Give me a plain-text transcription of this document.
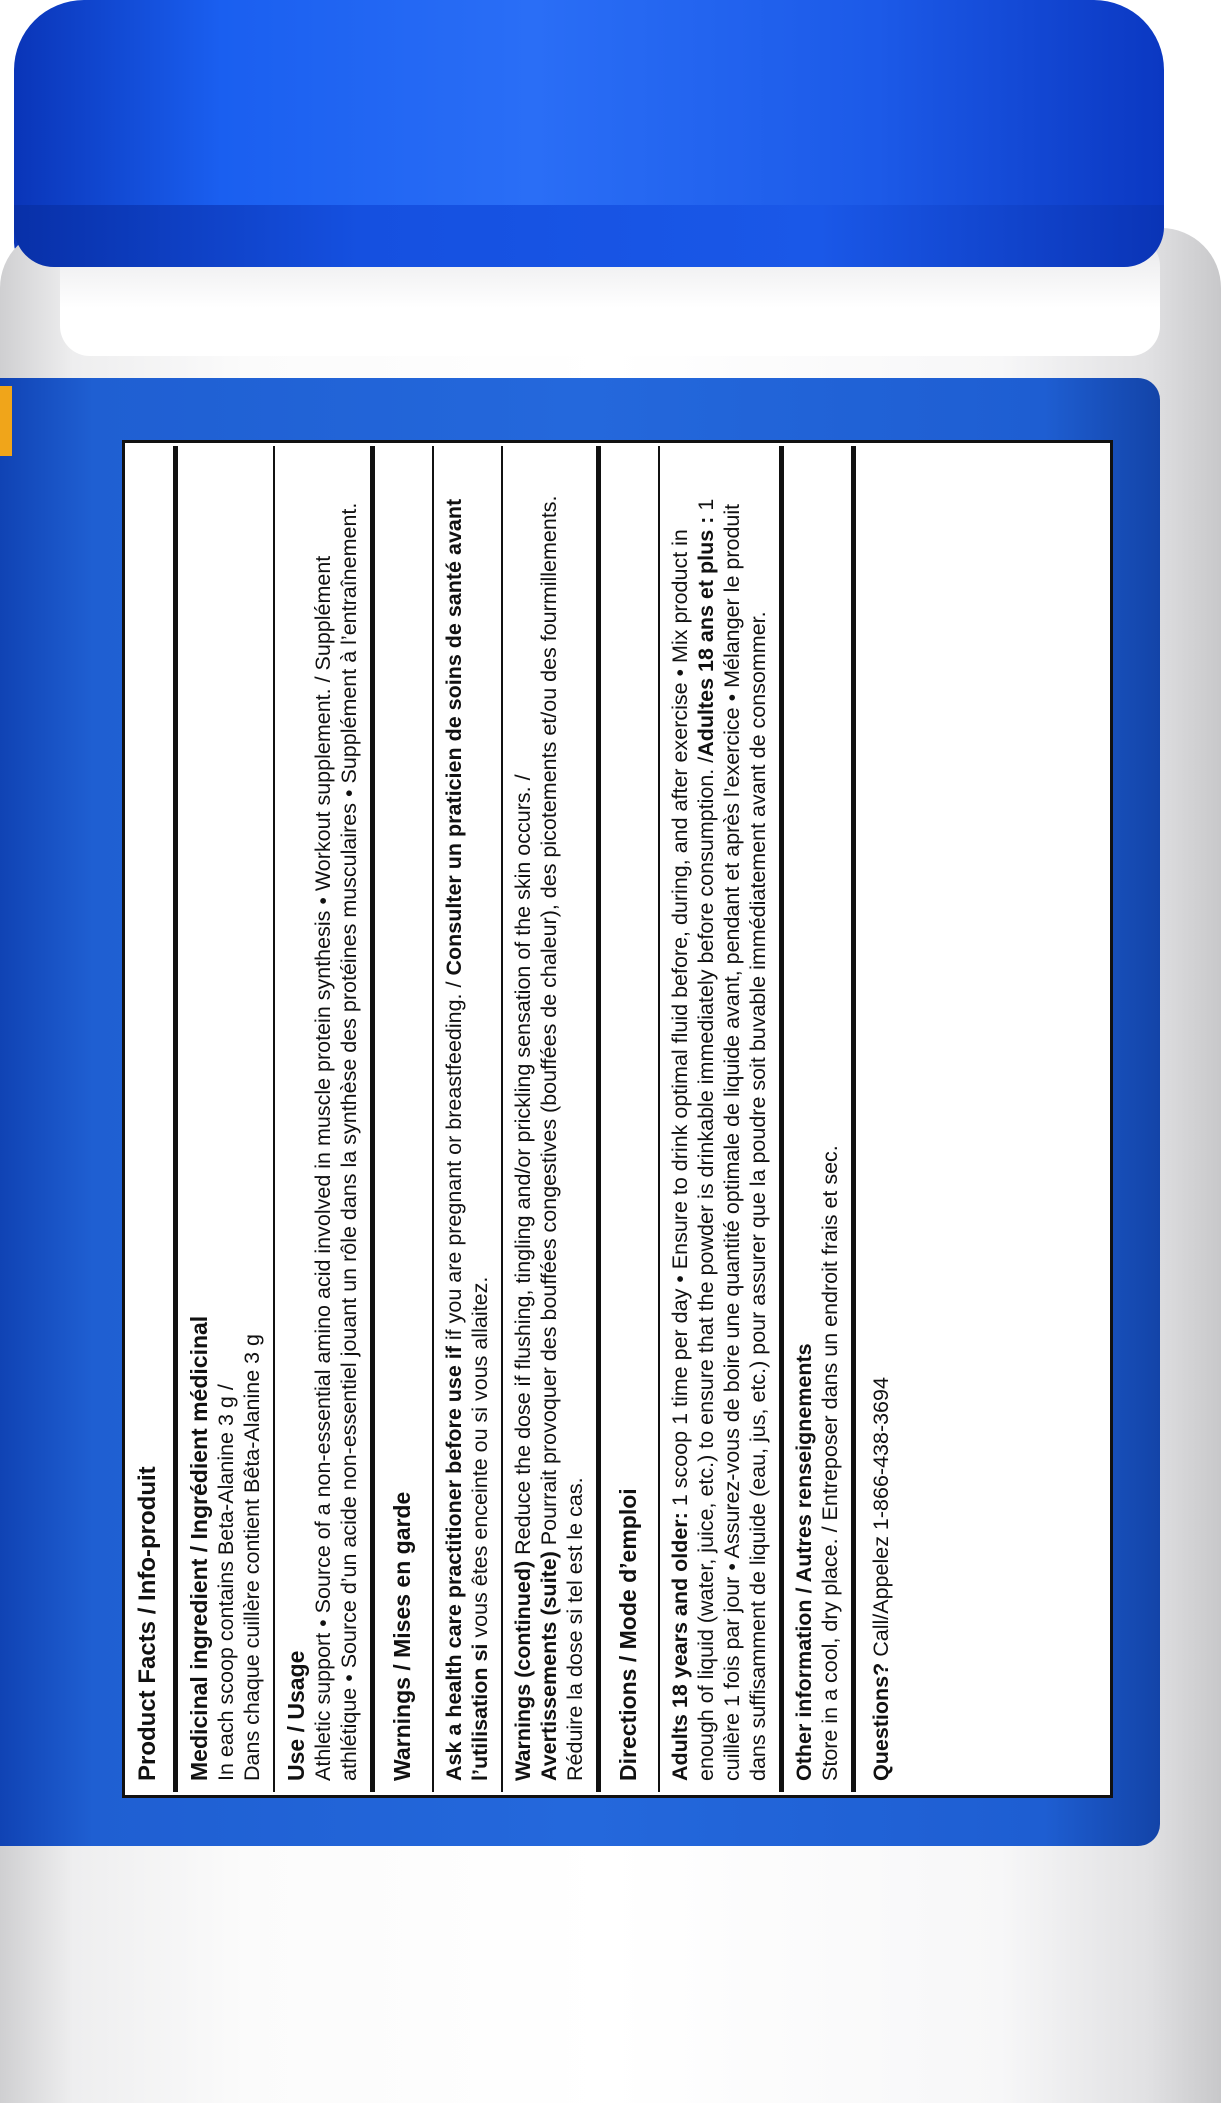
Product Facts / Info-produit	Medicinal ingredient / Ingrédient médicinal In each scoop contains Beta-Alanine 3 g / Dans chaque cuillère contient Bêta-Alanine 3 g Use / Usage Athletic support • Source of a non-essential amino acid involved in muscle protein synthesis • Workout supplement. / Supplément athlétique • Source d’un acide non-essentiel jouant un rôle dans la synthèse des protéines musculaires • Supplément à l’entraînement.	Warnings / Mises en garde	Ask a health care practitioner before use if if you are pregnant or breastfeeding. / Consulter un praticien de soins de santé avant l’utilisation si vous êtes enceinte ou si vous allaitez.
Warnings (continued) Reduce the dose if flushing, tingling and/or prickling sensation of the skin occurs. /
Avertissements (suite) Pourrait provoquer des bouffées congestives (bouffées de chaleur), des picotements et/ou des fourmillements. Réduire la dose si tel est le cas.	Directions / Mode d’emploi	Adults 18 years and older: 1 scoop 1 time per day • Ensure to drink optimal fluid before, during, and after exercise • Mix product in enough of liquid (water, juice, etc.) to ensure that the powder is drinkable immediately before consumption. /Adultes 18 ans et plus : 1 cuillère 1 fois par jour • Assurez-vous de boire une quantité optimale de liquide avant, pendant et après l’exercice • Mélanger le produit dans suffisamment de liquide (eau, jus, etc.) pour assurer que la poudre soit buvable immédiatement avant de consommer. Other information / Autres renseignements Store in a cool, dry place. / Entreposer dans un endroit frais et sec.	Questions? Call/Appelez 1-866-438-3694
